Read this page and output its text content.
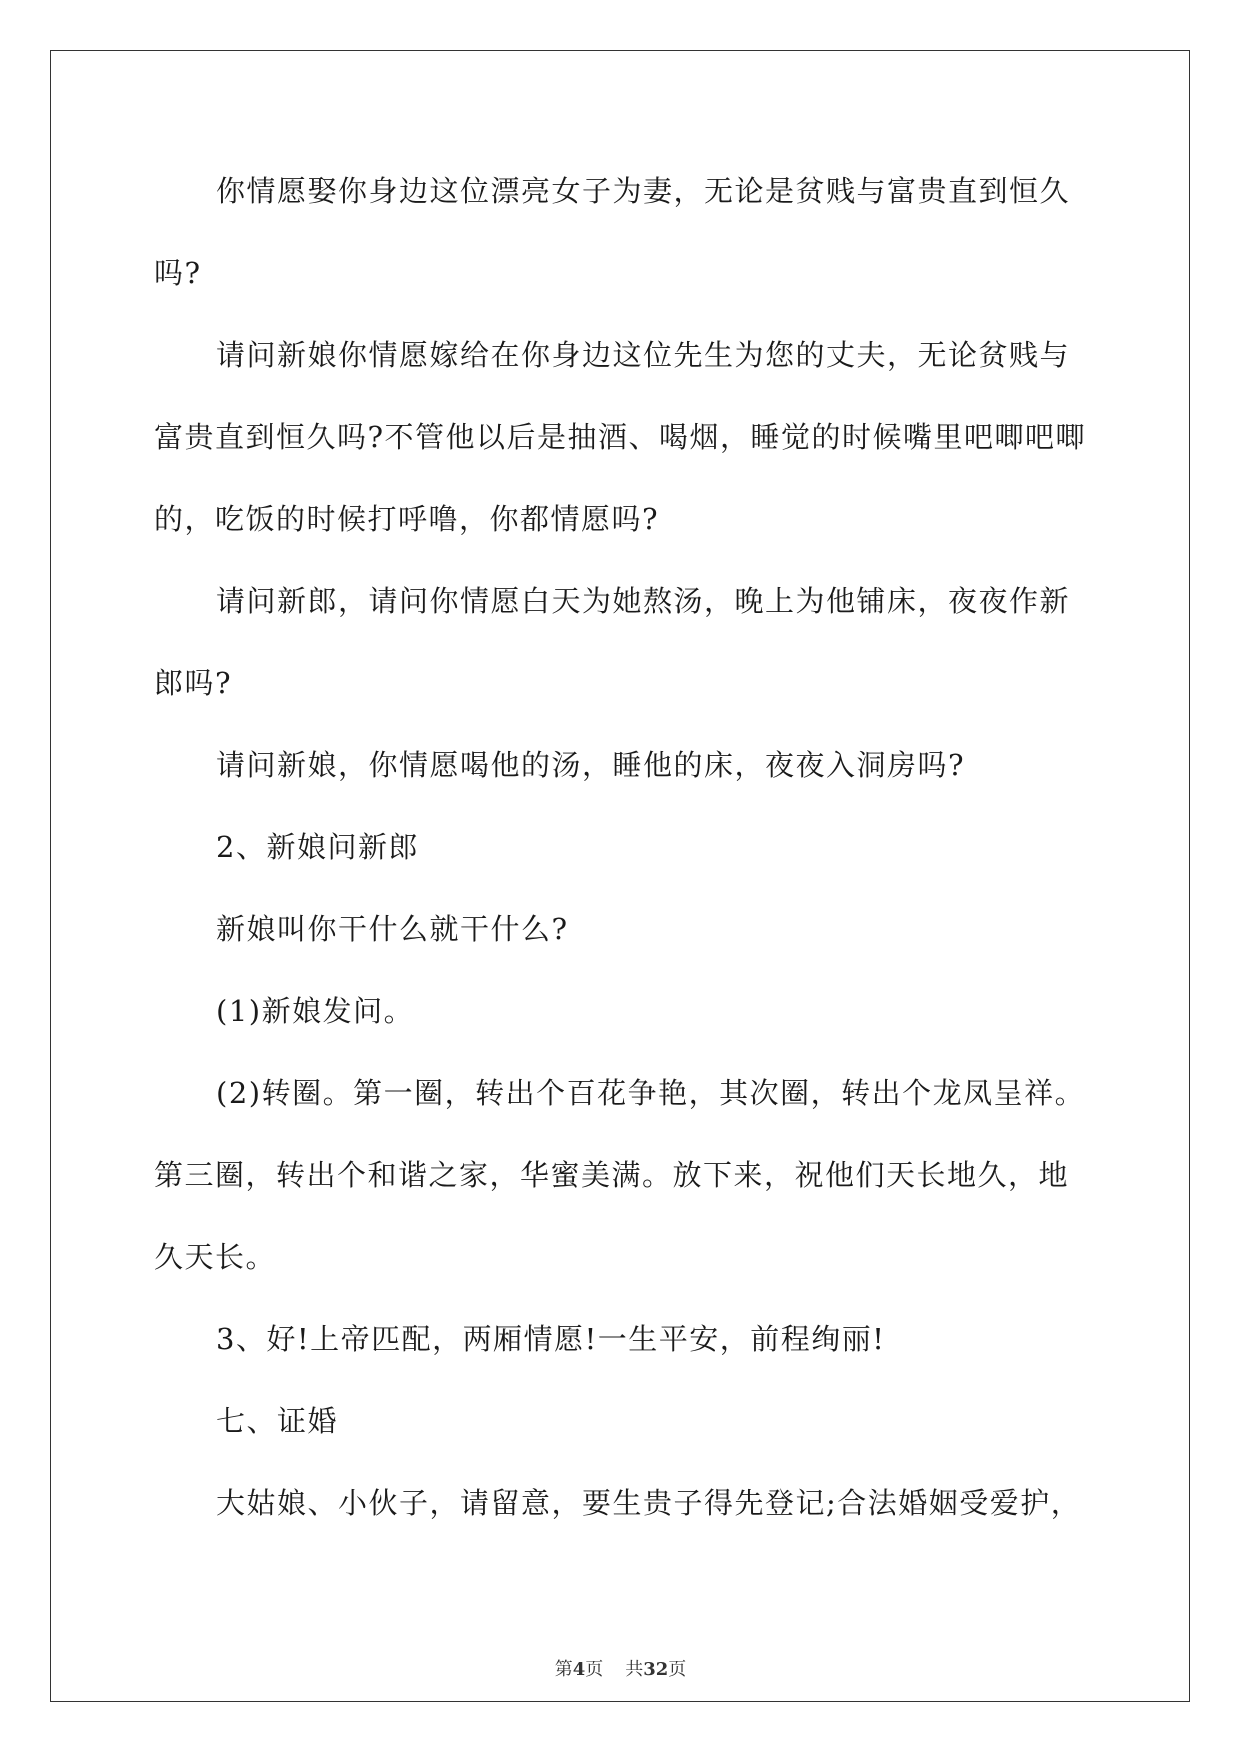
你情愿娶你身边这位漂亮女子为妻，无论是贫贱与富贵直到恒久
吗?
请问新娘你情愿嫁给在你身边这位先生为您的丈夫，无论贫贱与
富贵直到恒久吗?不管他以后是抽酒、喝烟，睡觉的时候嘴里吧唧吧唧
的，吃饭的时候打呼噜，你都情愿吗?
请问新郎，请问你情愿白天为她熬汤，晚上为他铺床，夜夜作新
郎吗?
请问新娘，你情愿喝他的汤，睡他的床，夜夜入洞房吗?
2、新娘问新郎
新娘叫你干什么就干什么?
(1)新娘发问。
(2)转圈。第一圈，转出个百花争艳，其次圈，转出个龙凤呈祥。
第三圈，转出个和谐之家，华蜜美满。放下来，祝他们天长地久，地
久天长。
3、好!上帝匹配，两厢情愿!一生平安，前程绚丽!
七、证婚
大姑娘、小伙子，请留意，要生贵子得先登记;合法婚姻受爱护，
第4页 共32页
